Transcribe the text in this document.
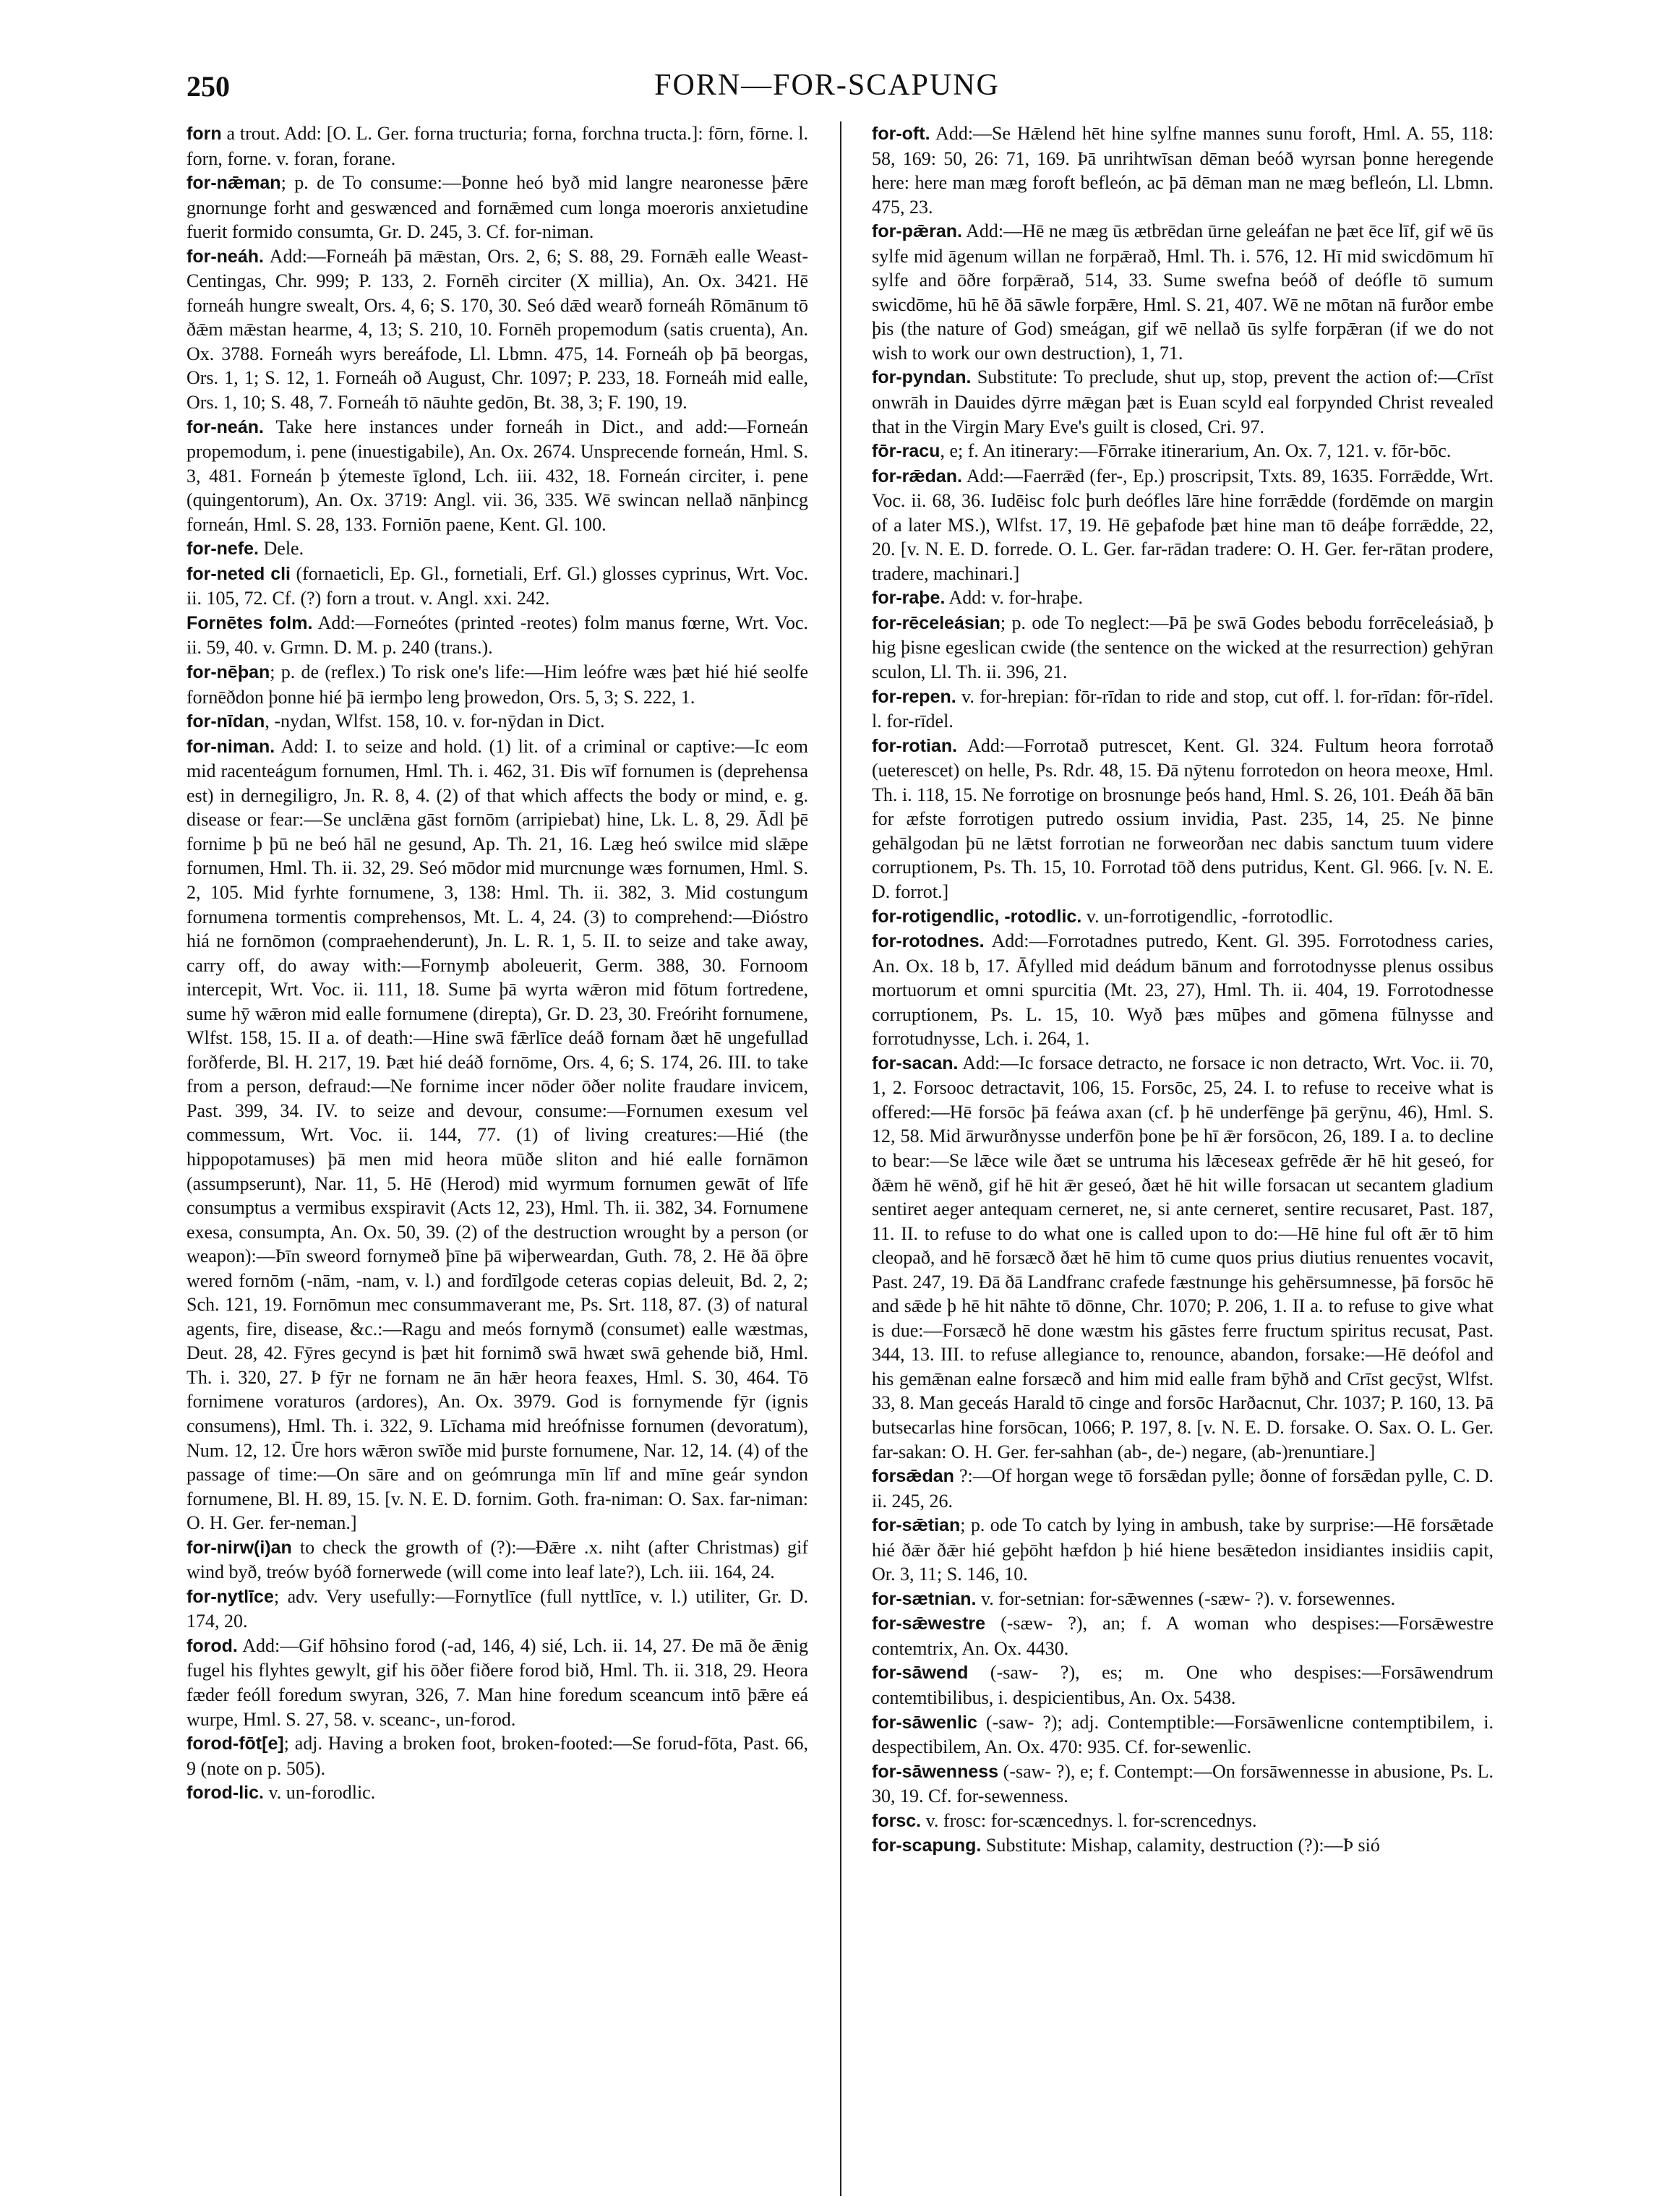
250	FORN—FOR-SCAPUNG

forn a trout. Add: [O. L. Ger. forna tructuria; forna, forchna tructa.]: fōrn, fōrne. l. forn, forne. v. foran, forane.

for-nǣman; p. de To consume:—Þonne heó byð mid langre nearonesse þǣre gnornunge forht and geswænced and fornǣmed cum longa moeroris anxietudine fuerit formido consumta, Gr. D. 245, 3. Cf. for-niman.

for-neáh. Add:—Forneáh þā mǣstan, Ors. 2, 6; S. 88, 29. Fornǣh ealle Weast-Centingas, Chr. 999; P. 133, 2. Fornēh circiter (X millia), An. Ox. 3421. Hē forneáh hungre swealt, Ors. 4, 6; S. 170, 30. Seó dǣd wearð forneáh Rōmānum tō ðǣm mǣstan hearme, 4, 13; S. 210, 10. Fornēh propemodum (satis cruenta), An. Ox. 3788. Forneáh wyrs bereáfode, Ll. Lbmn. 475, 14. Forneáh oþ þā beorgas, Ors. 1, 1; S. 12, 1. Forneáh oð August, Chr. 1097; P. 233, 18. Forneáh mid ealle, Ors. 1, 10; S. 48, 7. Forneáh tō nāuhte gedōn, Bt. 38, 3; F. 190, 19.

for-neán. Take here instances under forneáh in Dict., and add:—Forneán propemodum, i. pene (inuestigabile), An. Ox. 2674. Unsprecende forneán, Hml. S. 3, 481. Forneán þ ýtemeste īglond, Lch. iii. 432, 18. Forneán circiter, i. pene (quingentorum), An. Ox. 3719: Angl. vii. 36, 335. Wē swincan nellað nānþincg forneán, Hml. S. 28, 133. Forniōn paene, Kent. Gl. 100.

for-nefe. Dele.

for-neted cli (fornaeticli, Ep. Gl., fornetiali, Erf. Gl.) glosses cyprinus, Wrt. Voc. ii. 105, 72. Cf. (?) forn a trout. v. Angl. xxi. 242.

Fornētes folm. Add:—Forneótes (printed -reotes) folm manus fœrne, Wrt. Voc. ii. 59, 40. v. Grmn. D. M. p. 240 (trans.).

for-nēþan; p. de (reflex.) To risk one's life:—Him leófre wæs þæt hié hié seolfe fornēðdon þonne hié þā iermþo leng þrowedon, Ors. 5, 3; S. 222, 1.

for-nīdan, -nydan, Wlfst. 158, 10. v. for-nȳdan in Dict.

for-niman. Add: I. to seize and hold. (1) lit. of a criminal or captive:—Ic eom mid racenteágum fornumen, Hml. Th. i. 462, 31. Ðis wīf fornumen is (deprehensa est) in dernegiligro, Jn. R. 8, 4. (2) of that which affects the body or mind, e. g. disease or fear:—Se unclǣna gāst fornōm (arripiebat) hine, Lk. L. 8, 29. Ādl þē fornime þ þū ne beó hāl ne gesund, Ap. Th. 21, 16. Læg heó swilce mid slǣpe fornumen, Hml. Th. ii. 32, 29. Seó mōdor mid murcnunge wæs fornumen, Hml. S. 2, 105. Mid fyrhte fornumene, 3, 138: Hml. Th. ii. 382, 3. Mid costungum fornumena tormentis comprehensos, Mt. L. 4, 24. (3) to comprehend:—Ðióstro hiá ne fornōmon (compraehenderunt), Jn. L. R. 1, 5. II. to seize and take away, carry off, do away with:—Fornymþ aboleuerit, Germ. 388, 30. Fornoom intercepit, Wrt. Voc. ii. 111, 18. Sume þā wyrta wǣron mid fōtum fortredene, sume hȳ wǣron mid ealle fornumene (direpta), Gr. D. 23, 30. Freóriht fornumene, Wlfst. 158, 15. II a. of death:—Hine swā fǣrlīce deáð fornam ðæt hē ungefullad forðferde, Bl. H. 217, 19. Þæt hié deáð fornōme, Ors. 4, 6; S. 174, 26. III. to take from a person, defraud:—Ne fornime incer nōder ōðer nolite fraudare invicem, Past. 399, 34. IV. to seize and devour, consume:—Fornumen exesum vel commessum, Wrt. Voc. ii. 144, 77. (1) of living creatures:—Hié (the hippopotamuses) þā men mid heora mūðe sliton and hié ealle fornāmon (assumpserunt), Nar. 11, 5. Hē (Herod) mid wyrmum fornumen gewāt of līfe consumptus a vermibus exspiravit (Acts 12, 23), Hml. Th. ii. 382, 34. Fornumene exesa, consumpta, An. Ox. 50, 39. (2) of the destruction wrought by a person (or weapon):—Þīn sweord fornymeð þīne þā wiþerweardan, Guth. 78, 2. Hē ðā ōþre wered fornōm (-nām, -nam, v. l.) and fordīlgode ceteras copias deleuit, Bd. 2, 2; Sch. 121, 19. Fornōmun mec consummaverant me, Ps. Srt. 118, 87. (3) of natural agents, fire, disease, &c.:—Ragu and meós fornymð (consumet) ealle wæstmas, Deut. 28, 42. Fȳres gecynd is þæt hit fornimð swā hwæt swā gehende bið, Hml. Th. i. 320, 27. Þ fȳr ne fornam ne ān hǣr heora feaxes, Hml. S. 30, 464. Tō fornimene voraturos (ardores), An. Ox. 3979. God is fornymende fȳr (ignis consumens), Hml. Th. i. 322, 9. Līchama mid hreófnisse fornumen (devoratum), Num. 12, 12. Ūre hors wǣron swīðe mid þurste fornumene, Nar. 12, 14. (4) of the passage of time:—On sāre and on geómrunga mīn līf and mīne geár syndon fornumene, Bl. H. 89, 15. [v. N. E. D. fornim. Goth. fra-niman: O. Sax. far-niman: O. H. Ger. fer-neman.]

for-nirw(i)an to check the growth of (?):—Ðǣre .x. niht (after Christmas) gif wind byð, treów byóð fornerwede (will come into leaf late?), Lch. iii. 164, 24.

for-nytlīce; adv. Very usefully:—Fornytlīce (full nyttlīce, v. l.) utiliter, Gr. D. 174, 20.

forod. Add:—Gif hōhsino forod (-ad, 146, 4) sié, Lch. ii. 14, 27. Ðe mā ðe ǣnig fugel his flyhtes gewylt, gif his ōðer fiðere forod bið, Hml. Th. ii. 318, 29. Heora fæder feóll foredum swyran, 326, 7. Man hine foredum sceancum intō þǣre eá wurpe, Hml. S. 27, 58. v. sceanc-, un-forod.

forod-fōt[e]; adj. Having a broken foot, broken-footed:—Se forud-fōta, Past. 66, 9 (note on p. 505).

forod-lic. v. un-forodlic.

for-oft. Add:—Se Hǣlend hēt hine sylfne mannes sunu foroft, Hml. A. 55, 118: 58, 169: 50, 26: 71, 169. Þā unrihtwīsan dēman beóð wyrsan þonne heregende here: here man mæg foroft befleón, ac þā dēman man ne mæg befleón, Ll. Lbmn. 475, 23.

for-pǣran. Add:—Hē ne mæg ūs ætbrēdan ūrne geleáfan ne þæt ēce līf, gif wē ūs sylfe mid āgenum willan ne forpǣrað, Hml. Th. i. 576, 12. Hī mid swicdōmum hī sylfe and ōðre forpǣrað, 514, 33. Sume swefna beóð of deófle tō sumum swicdōme, hū hē ðā sāwle forpǣre, Hml. S. 21, 407. Wē ne mōtan nā furðor embe þis (the nature of God) smeágan, gif wē nellað ūs sylfe forpǣran (if we do not wish to work our own destruction), 1, 71.

for-pyndan. Substitute: To preclude, shut up, stop, prevent the action of:—Crīst onwrāh in Dauides dȳrre mǣgan þæt is Euan scyld eal forpynded Christ revealed that in the Virgin Mary Eve's guilt is closed, Cri. 97.

fōr-racu, e; f. An itinerary:—Fōrrake itinerarium, An. Ox. 7, 121. v. fōr-bōc.

for-rǣdan. Add:—Faerrǣd (fer-, Ep.) proscripsit, Txts. 89, 1635. Forrǣdde, Wrt. Voc. ii. 68, 36. Iudēisc folc þurh deófles lāre hine forrǣdde (fordēmde on margin of a later MS.), Wlfst. 17, 19. Hē geþafode þæt hine man tō deáþe forrǣdde, 22, 20. [v. N. E. D. forrede. O. L. Ger. far-rādan tradere: O. H. Ger. fer-rātan prodere, tradere, machinari.]

for-raþe. Add: v. for-hraþe.

for-rēceleásian; p. ode To neglect:—Þā þe swā Godes bebodu forrēceleásiað, þ hig þisne egeslican cwide (the sentence on the wicked at the resurrection) gehȳran sculon, Ll. Th. ii. 396, 21.

for-repen. v. for-hrepian: fōr-rīdan to ride and stop, cut off. l. for-rīdan: fōr-rīdel. l. for-rīdel.

for-rotian. Add:—Forrotað putrescet, Kent. Gl. 324. Fultum heora forrotað (ueterescet) on helle, Ps. Rdr. 48, 15. Ðā nȳtenu forrotedon on heora meoxe, Hml. Th. i. 118, 15. Ne forrotige on brosnunge þeós hand, Hml. S. 26, 101. Ðeáh ðā bān for æfste forrotigen putredo ossium invidia, Past. 235, 14, 25. Ne þinne gehālgodan þū ne lǣtst forrotian ne forweorðan nec dabis sanctum tuum videre corruptionem, Ps. Th. 15, 10. Forrotad tōð dens putridus, Kent. Gl. 966. [v. N. E. D. forrot.]

for-rotigendlic, -rotodlic. v. un-forrotigendlic, -forrotodlic.

for-rotodnes. Add:—Forrotadnes putredo, Kent. Gl. 395. Forrotodness caries, An. Ox. 18 b, 17. Āfylled mid deádum bānum and forrotodnysse plenus ossibus mortuorum et omni spurcitia (Mt. 23, 27), Hml. Th. ii. 404, 19. Forrotodnesse corruptionem, Ps. L. 15, 10. Wyð þæs mūþes and gōmena fūlnysse and forrotudnysse, Lch. i. 264, 1.

for-sacan. Add:—Ic forsace detracto, ne forsace ic non detracto, Wrt. Voc. ii. 70, 1, 2. Forsooc detractavit, 106, 15. Forsōc, 25, 24. I. to refuse to receive what is offered:—Hē forsōc þā feáwa axan (cf. þ hē underfēnge þā gerȳnu, 46), Hml. S. 12, 58. Mid ārwurðnysse underfōn þone þe hī ǣr forsōcon, 26, 189. I a. to decline to bear:—Se lǣce wile ðæt se untruma his lǣceseax gefrēde ǣr hē hit geseó, for ðǣm hē wēnð, gif hē hit ǣr geseó, ðæt hē hit wille forsacan ut secantem gladium sentiret aeger antequam cerneret, ne, si ante cerneret, sentire recusaret, Past. 187, 11. II. to refuse to do what one is called upon to do:—Hē hine ful oft ǣr tō him cleopað, and hē forsæcð ðæt hē him tō cume quos prius diutius renuentes vocavit, Past. 247, 19. Ðā ðā Landfranc crafede fæstnunge his gehērsumnesse, þā forsōc hē and sǣde þ hē hit nāhte tō dōnne, Chr. 1070; P. 206, 1. II a. to refuse to give what is due:—Forsæcð hē done wæstm his gāstes ferre fructum spiritus recusat, Past. 344, 13. III. to refuse allegiance to, renounce, abandon, forsake:—Hē deófol and his gemǣnan ealne forsæcð and him mid ealle fram bȳhð and Crīst gecȳst, Wlfst. 33, 8. Man geceás Harald tō cinge and forsōc Harðacnut, Chr. 1037; P. 160, 13. Þā butsecarlas hine forsōcan, 1066; P. 197, 8. [v. N. E. D. forsake. O. Sax. O. L. Ger. far-sakan: O. H. Ger. fer-sahhan (ab-, de-) negare, (ab-)renuntiare.]

forsǣdan ?:—Of horgan wege tō forsǣdan pylle; ðonne of forsǣdan pylle, C. D. ii. 245, 26.

for-sǣtian; p. ode To catch by lying in ambush, take by surprise:—Hē forsǣtade hié ðǣr ðǣr hié geþōht hæfdon þ hié hiene besǣtedon insidiantes insidiis capit, Or. 3, 11; S. 146, 10.

for-sætnian. v. for-setnian: for-sǣwennes (-sæw- ?). v. forsewennes.

for-sǣwestre (-sæw- ?), an; f. A woman who despises:—Forsǣwestre contemtrix, An. Ox. 4430.

for-sāwend (-saw- ?), es; m. One who despises:—Forsāwendrum contemtibilibus, i. despicientibus, An. Ox. 5438.

for-sāwenlic (-saw- ?); adj. Contemptible:—Forsāwenlicne contemptibilem, i. despectibilem, An. Ox. 470: 935. Cf. for-sewenlic.

for-sāwenness (-saw- ?), e; f. Contempt:—On forsāwennesse in abusione, Ps. L. 30, 19. Cf. for-sewenness.

forsc. v. frosc: for-scæncednys. l. for-screncednys.

for-scapung. Substitute: Mishap, calamity, destruction (?):—Þ sió
